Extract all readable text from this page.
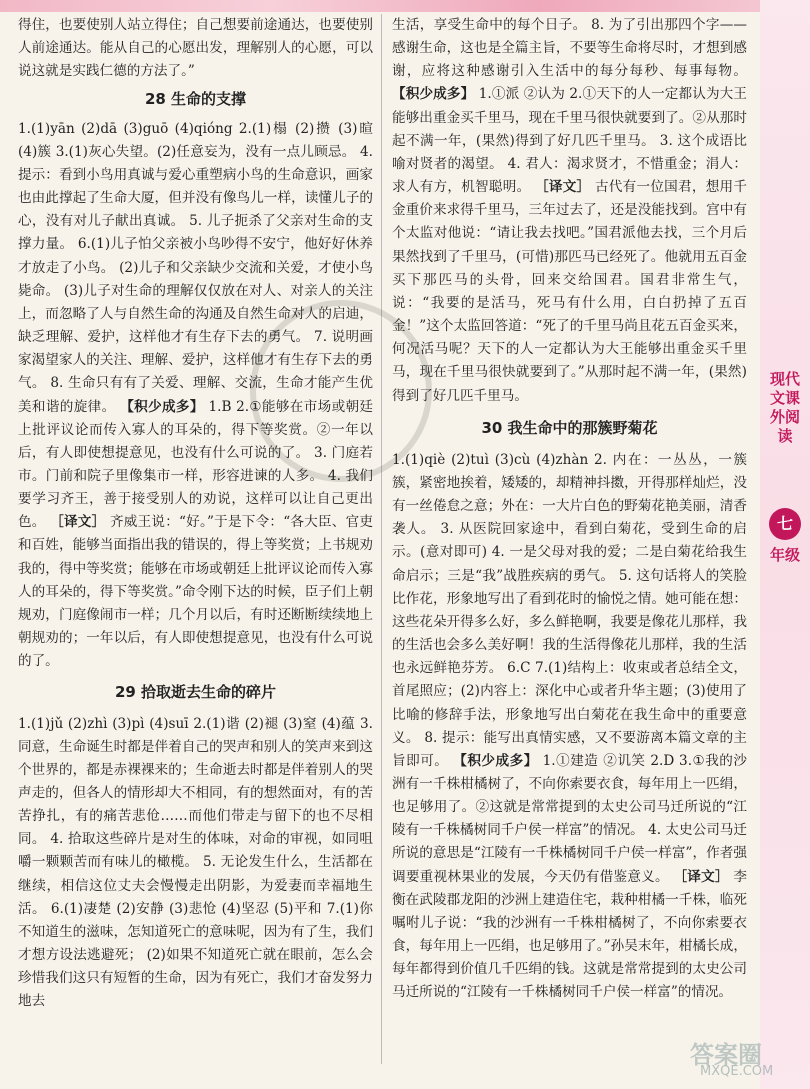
得住，也要使别人站立得住；自己想要前途通达，也要使别人前途通达。能从自己的心愿出发，理解别人的心愿，可以说这就是实践仁德的方法了。”

28 生命的支撑

1.(1)yān (2)dā (3)guō (4)qióng 2.(1)榻 (2)攒 (3)暄 (4)簇 3.(1)灰心失望。(2)任意妄为，没有一点儿顾忌。 4. 提示：看到小鸟用真诚与爱心重塑病小鸟的生命意识，画家也由此撑起了生命大厦，但并没有像鸟儿一样，读懂儿子的心，没有对儿子献出真诚。 5. 儿子扼杀了父亲对生命的支撑力量。 6.(1)儿子怕父亲被小鸟吵得不安宁，他好好休养才放走了小鸟。 (2)儿子和父亲缺少交流和关爱，才使小鸟毙命。 (3)儿子对生命的理解仅仅放在对人、对亲人的关注上，而忽略了人与自然生命的沟通及自然生命对人的启迪，缺乏理解、爱护，这样他才有生存下去的勇气。 7. 说明画家渴望家人的关注、理解、爱护，这样他才有生存下去的勇气。 8. 生命只有有了关爱、理解、交流，生命才能产生优美和谐的旋律。 【积少成多】 1.B 2.①能够在市场或朝廷上批评议论而传入寡人的耳朵的，得下等奖赏。②一年以后，有人即使想提意见，也没有什么可说的了。 3. 门庭若市。门前和院子里像集市一样，形容进谏的人多。 4. 我们要学习齐王，善于接受别人的劝说，这样可以让自己更出色。 ［译文］ 齐威王说：“好。”于是下令：“各大臣、官吏和百姓，能够当面指出我的错误的，得上等奖赏；上书规劝我的，得中等奖赏；能够在市场或朝廷上批评议论而传入寡人的耳朵的，得下等奖赏。”命令刚下达的时候，臣子们上朝规劝，门庭像闹市一样；几个月以后，有时还断断续续地上朝规劝的；一年以后，有人即使想提意见，也没有什么可说的了。

29 拾取逝去生命的碎片

1.(1)jǔ (2)zhì (3)pì (4)suī 2.(1)谐 (2)褪 (3)窒 (4)蕴 3. 同意，生命诞生时都是伴着自己的哭声和别人的笑声来到这个世界的，都是赤裸裸来的；生命逝去时都是伴着别人的哭声走的，但各人的情形却大不相同，有的想然面对，有的苦苦挣扎，有的痛苦悲伧……而他们带走与留下的也不尽相同。 4. 拾取这些碎片是对生的体味，对命的审视，如同咀嚼一颗颗苦而有味儿的橄榄。 5. 无论发生什么，生活都在继续，相信这位丈夫会慢慢走出阴影，为爱妻而幸福地生活。 6.(1)凄楚 (2)安静 (3)悲怆 (4)坚忍 (5)平和 7.(1)你不知道生的滋味，怎知道死亡的意味呢，因为有了生，我们才想方设法逃避死； (2)如果不知道死亡就在眼前，怎么会珍惜我们这只有短暂的生命，因为有死亡，我们才奋发努力地去

生活，享受生命中的每个日子。 8. 为了引出那四个字——感谢生命，这也是全篇主旨，不要等生命将尽时，才想到感谢，应将这种感谢引入生活中的每分每秒、每事每物。 【积少成多】 1.①派 ②认为 2.①天下的人一定都认为大王能够出重金买千里马，现在千里马很快就要到了。②从那时起不满一年，(果然)得到了好几匹千里马。 3. 这个成语比喻对贤者的渴望。 4. 君人：渴求贤才，不惜重金；涓人：求人有方，机智聪明。 ［译文］ 古代有一位国君，想用千金重价来求得千里马，三年过去了，还是没能找到。宫中有个太监对他说：“请让我去找吧。”国君派他去找，三个月后果然找到了千里马，(可惜)那匹马已经死了。他就用五百金买下那匹马的头骨，回来交给国君。国君非常生气，说：“我要的是活马，死马有什么用，白白扔掉了五百金！”这个太监回答道：“死了的千里马尚且花五百金买来，何况活马呢？天下的人一定都认为大王能够出重金买千里马，现在千里马很快就要到了。”从那时起不满一年，(果然)得到了好几匹千里马。

30 我生命中的那簇野菊花

1.(1)qiè (2)tuì (3)cù (4)zhàn 2. 内在：一丛丛，一簇簇，紧密地挨着，矮矮的，却精神抖擞，开得那样灿烂，没有一丝倦怠之意；外在：一大片白色的野菊花艳美丽，清香袭人。 3. 从医院回家途中，看到白菊花，受到生命的启示。(意对即可) 4. 一是父母对我的爱；二是白菊花给我生命启示；三是“我”战胜疾病的勇气。 5. 这句话将人的笑脸比作花，形象地写出了看到花时的愉悦之情。她可能在想：这些花朵开得多么好，多么鲜艳啊，我要是像花儿那样，我的生活也会多么美好啊！我的生活得像花儿那样，我的生活也永远鲜艳芬芳。 6.C 7.(1)结构上：收束或者总结全文，首尾照应；(2)内容上：深化中心或者升华主题；(3)使用了比喻的修辞手法，形象地写出白菊花在我生命中的重要意义。 8. 提示：能写出真情实感，又不要游离本篇文章的主旨即可。 【积少成多】 1.①建造 ②讥笑 2.D 3.①我的沙洲有一千株柑橘树了，不向你索要衣食，每年用上一匹绢，也足够用了。②这就是常常提到的太史公司马迁所说的“江陵有一千株橘树同千户侯一样富”的情况。 4. 太史公司马迁所说的意思是“江陵有一千株橘树同千户侯一样富”，作者强调要重视林果业的发展，今天仍有借鉴意义。 ［译文］ 李衡在武陵郡龙阳的沙洲上建造住宅，栽种柑橘一千株，临死嘱咐儿子说：“我的沙洲有一千株柑橘树了，不向你索要衣食，每年用上一匹绢，也足够用了。”孙吴末年，柑橘长成，每年都得到价值几千匹绢的钱。这就是常常提到的太史公司马迁所说的“江陵有一千株橘树同千户侯一样富”的情况。

现代文课外阅读
七
年级
答案圈
MXQE.COM
